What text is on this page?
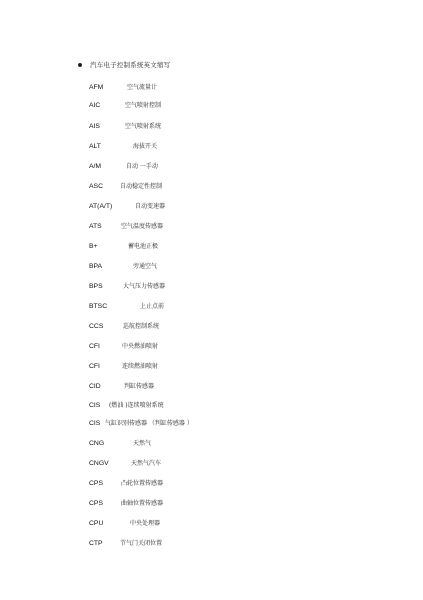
汽车电子控制系统英文缩写
AFM	空气流量计
AIC	空气喷射控制
AIS	空气喷射系统
ALT	海拔开关
A/M	自动 一手动
ASC	自动稳定性控制
AT(A/T)	自动变速器
ATS	空气温度传感器
B+	蓄电池正极
BPA	旁通空气
BPS	大气压力传感器
BTSC	上止点前
CCS	巡航控制系统
CFI	中央燃油喷射
CFI	连续燃油喷射
CID	判缸传感器
CIS (燃油 )连续喷射系统
CIS 气缸识别传感器 （判缸传感器 ）
CNG	天然气
CNGV	天然气汽车
CPS	凸轮位置传感器
CPS	曲轴位置传感器
CPU	中央处理器
CTP	节气门关闭位置
